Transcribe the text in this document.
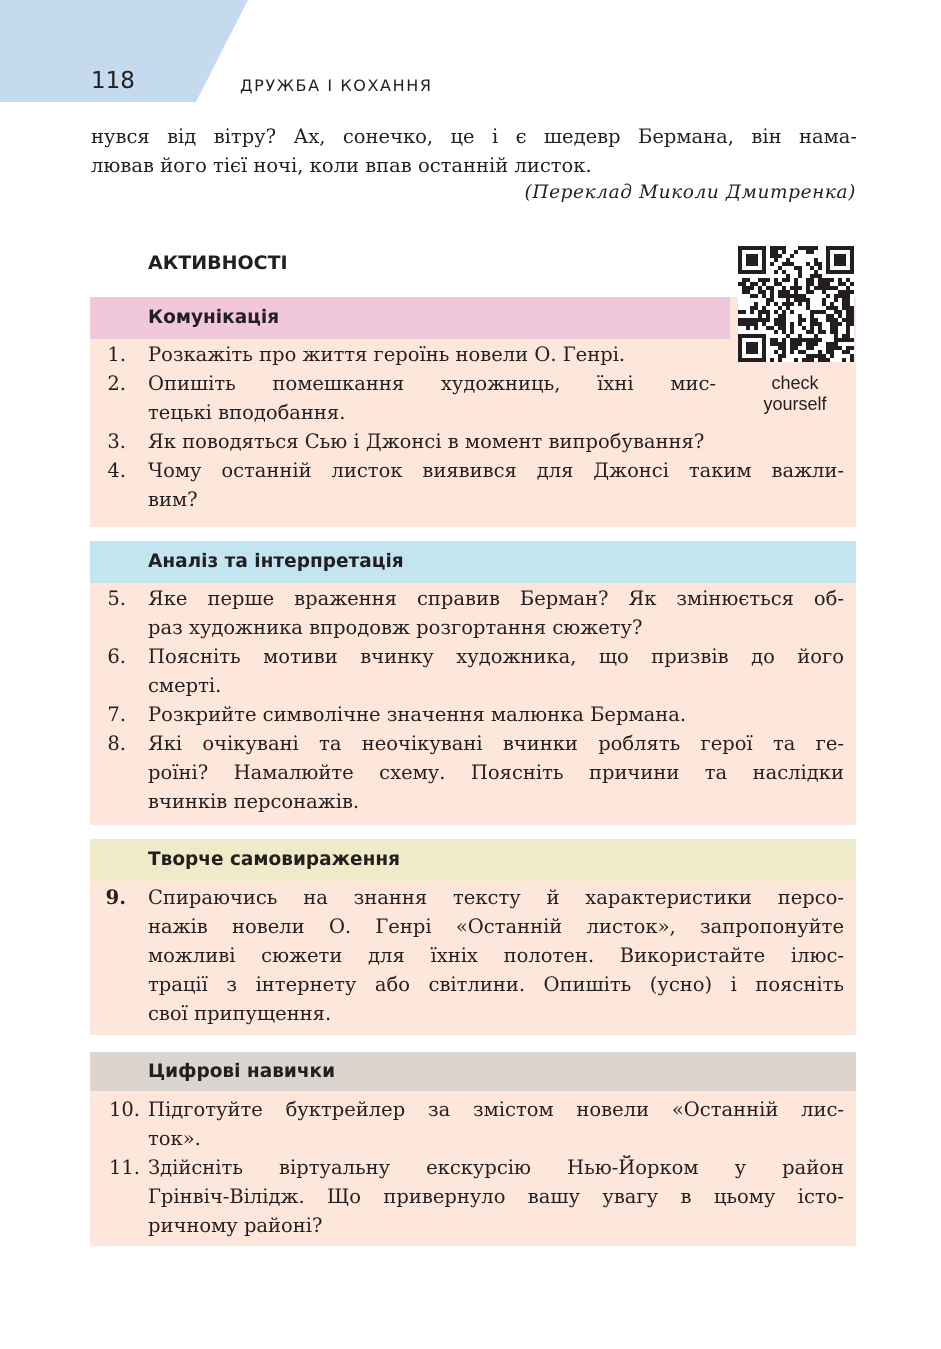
118	ДРУЖБА І КОХАННЯ

нувся від вітру? Ах, сонечко, це і є шедевр Бермана, він нама-
лював його тієї ночі, коли впав останній листок.

(Переклад Миколи Дмитренка)
АКТИВНОСТІ
Комунікація
1. Розкажіть про життя героїнь новели О. Генрі.
2. Опишіть помешкання художниць, їхні мис-
тецькі вподобання.
3. Як поводяться Сью і Джонсі в момент випробування?
4. Чому останній листок виявився для Джонсі таким важли-
вим?
Аналіз та інтерпретація
5. Яке перше враження справив Берман? Як змінюється об-
раз художника впродовж розгортання сюжету?
6. Поясніть мотиви вчинку художника, що призвів до його
смерті.
7. Розкрийте символічне значення малюнка Бермана.
8. Які очікувані та неочікувані вчинки роблять герої та ге-
роїні? Намалюйте схему. Поясніть причини та наслідки
вчинків персонажів.
Творче самовираження
9. Спираючись на знання тексту й характеристики персо-
нажів новели О. Генрі «Останній листок», запропонуйте
можливі сюжети для їхніх полотен. Використайте ілюс-
трації з інтернету або світлини. Опишіть (усно) і поясніть
свої припущення.
Цифрові навички
10. Підготуйте буктрейлер за змістом новели «Останній лис-
ток».
11. Здійсніть віртуальну екскурсію Нью-Йорком у район
Грінвіч-Вілідж. Що привернуло вашу увагу в цьому істо-
ричному районі?
check
yourself
